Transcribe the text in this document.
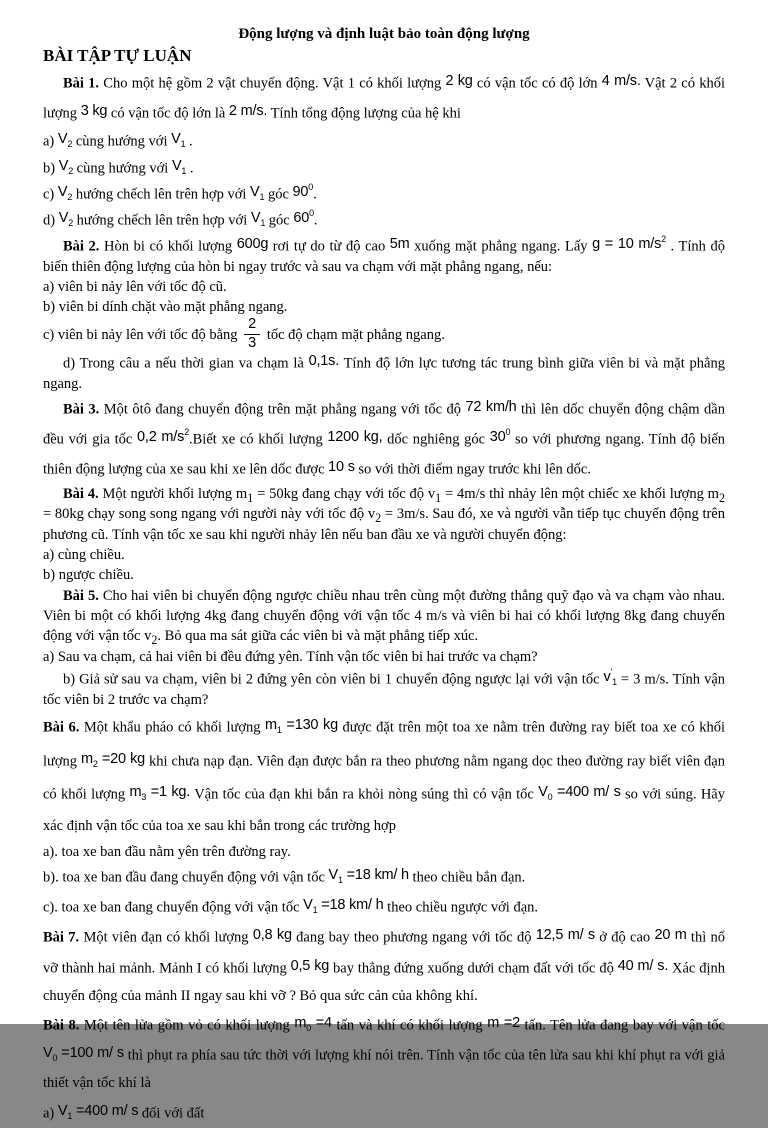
Động lượng và định luật bảo toàn động lượng

BÀI TẬP TỰ LUẬN

Bài 1. Cho một hệ gồm 2 vật chuyển động. Vật 1 có khối lượng 2 kg có vận tốc có độ lớn 4 m/s. Vật 2 có khối lượng 3 kg có vận tốc độ lớn là 2 m/s. Tính tổng động lượng của hệ khi

a) $V_2$ cùng hướng với $V_1$ .

b) $V_2$ cùng hướng với $V_1$ .

c) $V_2$ hướng chếch lên trên hợp với $V_1$ góc $90^0$.

d) $V_2$ hướng chếch lên trên hợp với $V_1$ góc $60^0$.

Bài 2. Hòn bi có khối lượng 600g rơi tự do từ độ cao 5m xuống mặt phẳng ngang. Lấy g = 10 $m/s^2$ . Tính độ biến thiên động lượng của hòn bi ngay trước và sau va chạm với mặt phẳng ngang, nếu:

a) viên bi nảy lên với tốc độ cũ.

b) viên bi dính chặt vào mặt phẳng ngang.

c) viên bi nảy lên với tốc độ bằng $\frac{2}{3}$ tốc độ chạm mặt phẳng ngang.

d) Trong câu a nếu thời gian va chạm là 0,1s. Tính độ lớn lực tương tác trung bình giữa viên bi và mặt phẳng ngang.

Bài 3. Một ôtô đang chuyển động trên mặt phẳng ngang với tốc độ 72 km/h thì lên dốc chuyển động chậm dần đều với gia tốc 0,2 $m/s^2.Biết$ xe có khối lượng 1200 kg, dốc nghiêng góc $30^0$ so với phương ngang. Tính độ biến thiên động lượng của xe sau khi xe lên dốc được 10 s so với thời điểm ngay trước khi lên dốc.

Bài 4. Một người khối lượng $m_1 = 50kg$ đang chạy với tốc độ $v_1 = 4m/s$ thì nhảy lên một chiếc xe khối lượng $m_2 = 80kg$ chạy song song ngang với người này với tốc độ $v_2 = 3m/s$. Sau đó, xe và người vẫn tiếp tục chuyển động trên phương cũ. Tính vận tốc xe sau khi người nhảy lên nếu ban đầu xe và người chuyển động:

a) cùng chiều.

b) ngược chiều.

Bài 5. Cho hai viên bi chuyển động ngược chiều nhau trên cùng một đường thẳng quỹ đạo và va chạm vào nhau. Viên bi một có khối lượng 4kg đang chuyển động với vận tốc 4 m/s và viên bi hai có khối lượng 8kg đang chuyển động với vận tốc $v_2$. Bỏ qua ma sát giữa các viên bi và mặt phẳng tiếp xúc.

a) Sau va chạm, cả hai viên bi đều đứng yên. Tính vận tốc viên bi hai trước va chạm?

b) Giả sử sau va chạm, viên bi 2 đứng yên còn viên bi 1 chuyển động ngược lại với vận tốc $v'_1 = 3$ m/s. Tính vận tốc viên bi 2 trước va chạm?

Bài 6. Một khẩu pháo có khối lượng $m_1 =130$ kg được đặt trên một toa xe nằm trên đường ray biết toa xe có khối lượng $m_2 =20$ kg khi chưa nạp đạn. Viên đạn được bắn ra theo phương nằm ngang dọc theo đường ray biết viên đạn có khối lượng $m_3 =1$ kg. Vận tốc của đạn khi bắn ra khỏi nòng súng thì có vận tốc $V_0 =400$ m/ s so với súng. Hãy xác định vận tốc của toa xe sau khi bắn trong các trường hợp

a). toa xe ban đầu nằm yên trên đường ray.

b). toa xe ban đầu đang chuyển động với vận tốc $V_1 =18$ km/ h theo chiều bắn đạn.

c). toa xe ban đang chuyển động với vận tốc $V_1 =18$ km/ h theo chiều ngược với đạn.

Bài 7. Một viên đạn có khối lượng 0,8 kg đang bay theo phương ngang với tốc độ 12,5 m/ s ở độ cao 20 m thì nổ vỡ thành hai mảnh. Mảnh I có khối lượng 0,5 kg bay thẳng đứng xuống dưới chạm đất với tốc độ 40 m/ s. Xác định chuyển động của mảnh II ngay sau khi vỡ ? Bỏ qua sức cản của không khí.

Bài 8. Một tên lửa gồm vỏ có khối lượng $m_0 =4$ tấn và khí có khối lượng m =2 tấn. Tên lửa đang bay với vận tốc $V_0 =100$ m/ s thì phụt ra phía sau tức thời với lượng khí nói trên. Tính vận tốc của tên lửa sau khi khí phụt ra với giả thiết vận tốc khí là

a) $V_1 =400$ m/ s đối với đất
